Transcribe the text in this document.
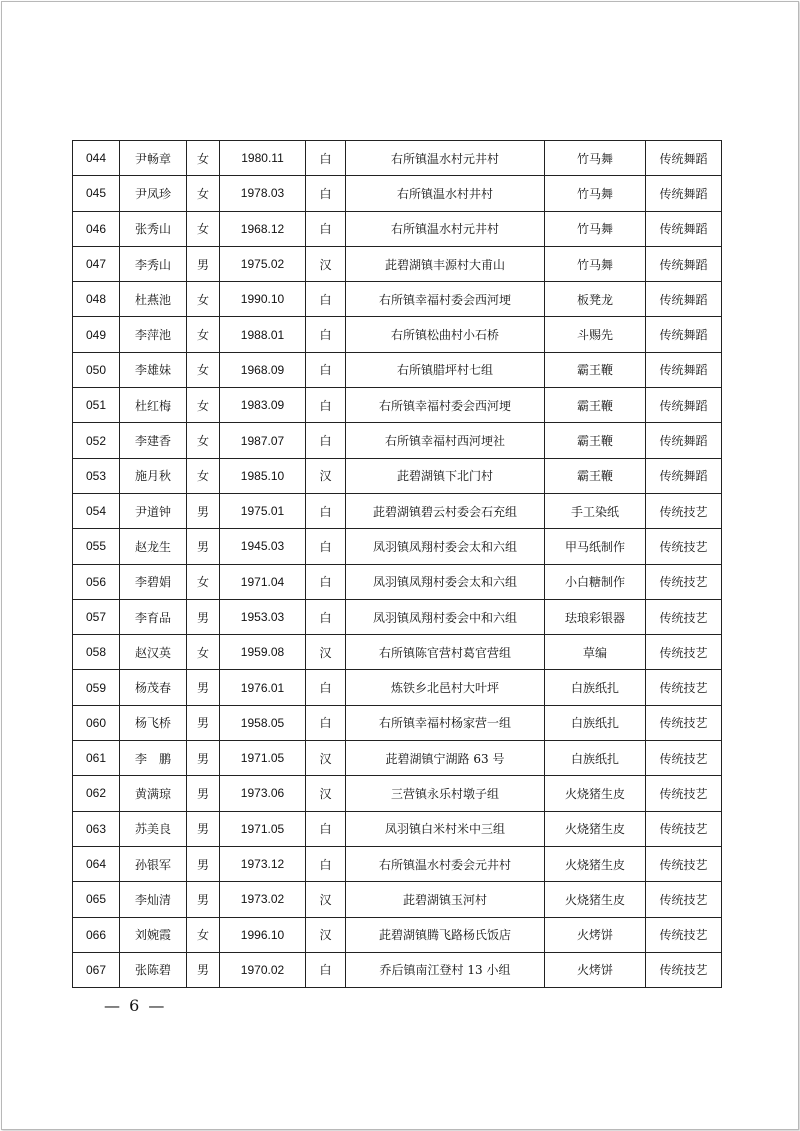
044	尹畅章	女	1980.11	白	右所镇温水村元井村	竹马舞	传统舞蹈
045	尹凤珍	女	1978.03	白	右所镇温水村井村	竹马舞	传统舞蹈
046	张秀山	女	1968.12	白	右所镇温水村元井村	竹马舞	传统舞蹈
047	李秀山	男	1975.02	汉	茈碧湖镇丰源村大甫山	竹马舞	传统舞蹈
048	杜燕池	女	1990.10	白	右所镇幸福村委会西河埂	板凳龙	传统舞蹈
049	李萍池	女	1988.01	白	右所镇松曲村小石桥	斗赐先	传统舞蹈
050	李雄妹	女	1968.09	白	右所镇腊坪村七组	霸王鞭	传统舞蹈
051	杜红梅	女	1983.09	白	右所镇幸福村委会西河埂	霸王鞭	传统舞蹈
052	李建香	女	1987.07	白	右所镇幸福村西河埂社	霸王鞭	传统舞蹈
053	施月秋	女	1985.10	汉	茈碧湖镇下北门村	霸王鞭	传统舞蹈
054	尹道钟	男	1975.01	白	茈碧湖镇碧云村委会石充组	手工染纸	传统技艺
055	赵龙生	男	1945.03	白	凤羽镇凤翔村委会太和六组	甲马纸制作	传统技艺
056	李碧娟	女	1971.04	白	凤羽镇凤翔村委会太和六组	小白糖制作	传统技艺
057	李育品	男	1953.03	白	凤羽镇凤翔村委会中和六组	珐琅彩银器	传统技艺
058	赵汉英	女	1959.08	汉	右所镇陈官营村葛官营组	草编	传统技艺
059	杨茂春	男	1976.01	白	炼铁乡北邑村大叶坪	白族纸扎	传统技艺
060	杨飞桥	男	1958.05	白	右所镇幸福村杨家营一组	白族纸扎	传统技艺
061	李　鹏	男	1971.05	汉	茈碧湖镇宁湖路 63 号	白族纸扎	传统技艺
062	黄满琼	男	1973.06	汉	三营镇永乐村墩子组	火烧猪生皮	传统技艺
063	苏美良	男	1971.05	白	凤羽镇白米村米中三组	火烧猪生皮	传统技艺
064	孙银军	男	1973.12	白	右所镇温水村委会元井村	火烧猪生皮	传统技艺
065	李灿清	男	1973.02	汉	茈碧湖镇玉河村	火烧猪生皮	传统技艺
066	刘婉霞	女	1996.10	汉	茈碧湖镇腾飞路杨氏饭店	火烤饼	传统技艺
067	张陈碧	男	1970.02	白	乔后镇南江登村 13 小组	火烤饼	传统技艺
— 6 —
